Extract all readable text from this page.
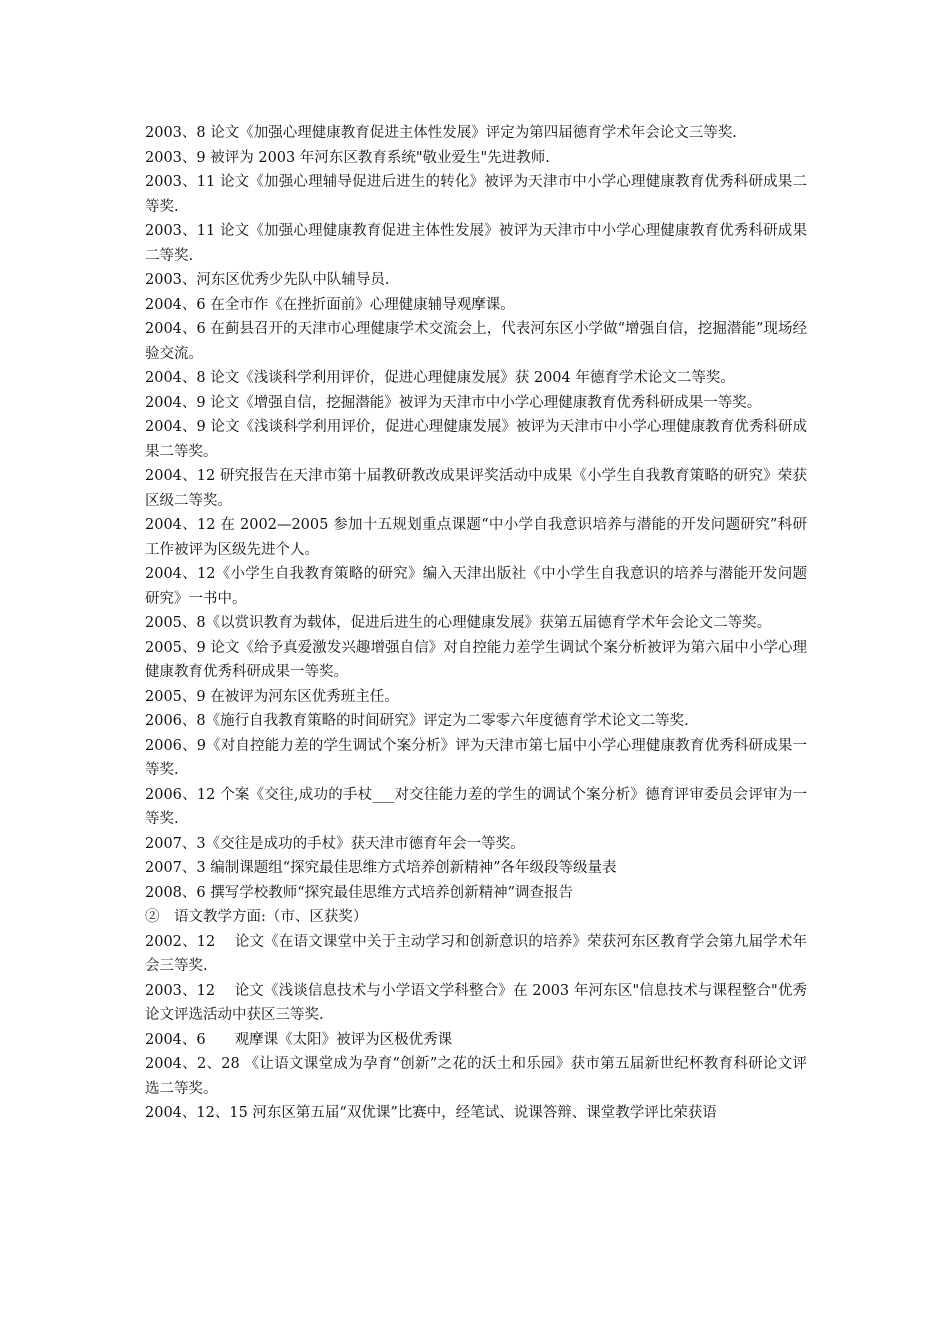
2003、8 论文《加强心理健康教育促进主体性发展》评定为第四届德育学术年会论文三等奖.

2003、9 被评为 2003 年河东区教育系统"敬业爱生"先进教师.

2003、11 论文《加强心理辅导促进后进生的转化》被评为天津市中小学心理健康教育优秀科研成果二等奖.

2003、11 论文《加强心理健康教育促进主体性发展》被评为天津市中小学心理健康教育优秀科研成果二等奖.

2003、河东区优秀少先队中队辅导员.

2004、6 在全市作《在挫折面前》心理健康辅导观摩课。

2004、6 在蓟县召开的天津市心理健康学术交流会上，代表河东区小学做“增强自信，挖掘潜能”现场经验交流。

2004、8 论文《浅谈科学利用评价，促进心理健康发展》获 2004 年德育学术论文二等奖。

2004、9 论文《增强自信，挖掘潜能》被评为天津市中小学心理健康教育优秀科研成果一等奖。

2004、9 论文《浅谈科学利用评价，促进心理健康发展》被评为天津市中小学心理健康教育优秀科研成果二等奖。

2004、12 研究报告在天津市第十届教研教改成果评奖活动中成果《小学生自我教育策略的研究》荣获区级二等奖。

2004、12 在 2002—2005 参加十五规划重点课题“中小学自我意识培养与潜能的开发问题研究”科研工作被评为区级先进个人。

2004、12《小学生自我教育策略的研究》编入天津出版社《中小学生自我意识的培养与潜能开发问题研究》一书中。

2005、8《以赏识教育为载体，促进后进生的心理健康发展》获第五届德育学术年会论文二等奖。

2005、9 论文《给予真爱激发兴趣增强自信》对自控能力差学生调试个案分析被评为第六届中小学心理健康教育优秀科研成果一等奖。

2005、9 在被评为河东区优秀班主任。

2006、8《施行自我教育策略的时间研究》评定为二零零六年度德育学术论文二等奖.

2006、9《对自控能力差的学生调试个案分析》评为天津市第七届中小学心理健康教育优秀科研成果一等奖.

2006、12 个案《交往,成功的手杖___对交往能力差的学生的调试个案分析》德育评审委员会评审为一等奖.

2007、3《交往是成功的手杖》获天津市德育年会一等奖。

2007、3 编制课题组“探究最佳思维方式培养创新精神”各年级段等级量表

2008、6 撰写学校教师“探究最佳思维方式培养创新精神”调查报告

②　语文教学方面:（市、区获奖）

2002、12　 论文《在语文课堂中关于主动学习和创新意识的培养》荣获河东区教育学会第九届学术年会三等奖.

2003、12　 论文《浅谈信息技术与小学语文学科整合》在 2003 年河东区"信息技术与课程整合"优秀论文评选活动中获区三等奖.

2004、6　　观摩课《太阳》被评为区极优秀课

2004、2、28 《让语文课堂成为孕育“创新”之花的沃土和乐园》获市第五届新世纪杯教育科研论文评选二等奖。

2004、12、15 河东区第五届“双优课”比赛中，经笔试、说课答辩、课堂教学评比荣获语
